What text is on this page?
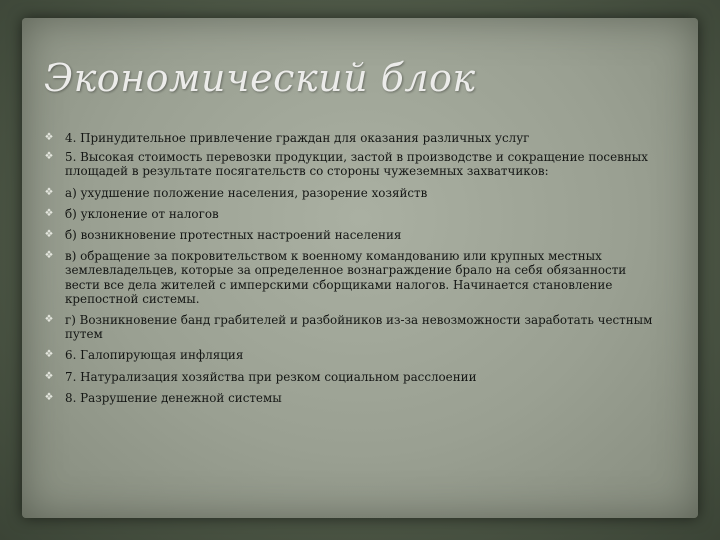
Экономический блок
❖ 4. Принудительное привлечение граждан для оказания различных услуг
❖ 5. Высокая стоимость перевозки продукции, застой в производстве и сокращение посевных площадей в результате посягательств со стороны чужеземных захватчиков:
❖ а) ухудшение положение населения, разорение хозяйств
❖ б) уклонение от налогов
❖ б) возникновение протестных настроений населения
❖ в) обращение за покровительством к военному командованию или крупных местных землевладельцев, которые за определенное вознаграждение брало на себя обязанности вести все дела жителей с имперскими сборщиками налогов. Начинается становление крепостной системы.
❖ г) Возникновение банд грабителей и разбойников из-за невозможности заработать честным путем
❖ 6. Галопирующая инфляция
❖ 7. Натурализация хозяйства при резком социальном расслоении
❖ 8. Разрушение денежной системы
